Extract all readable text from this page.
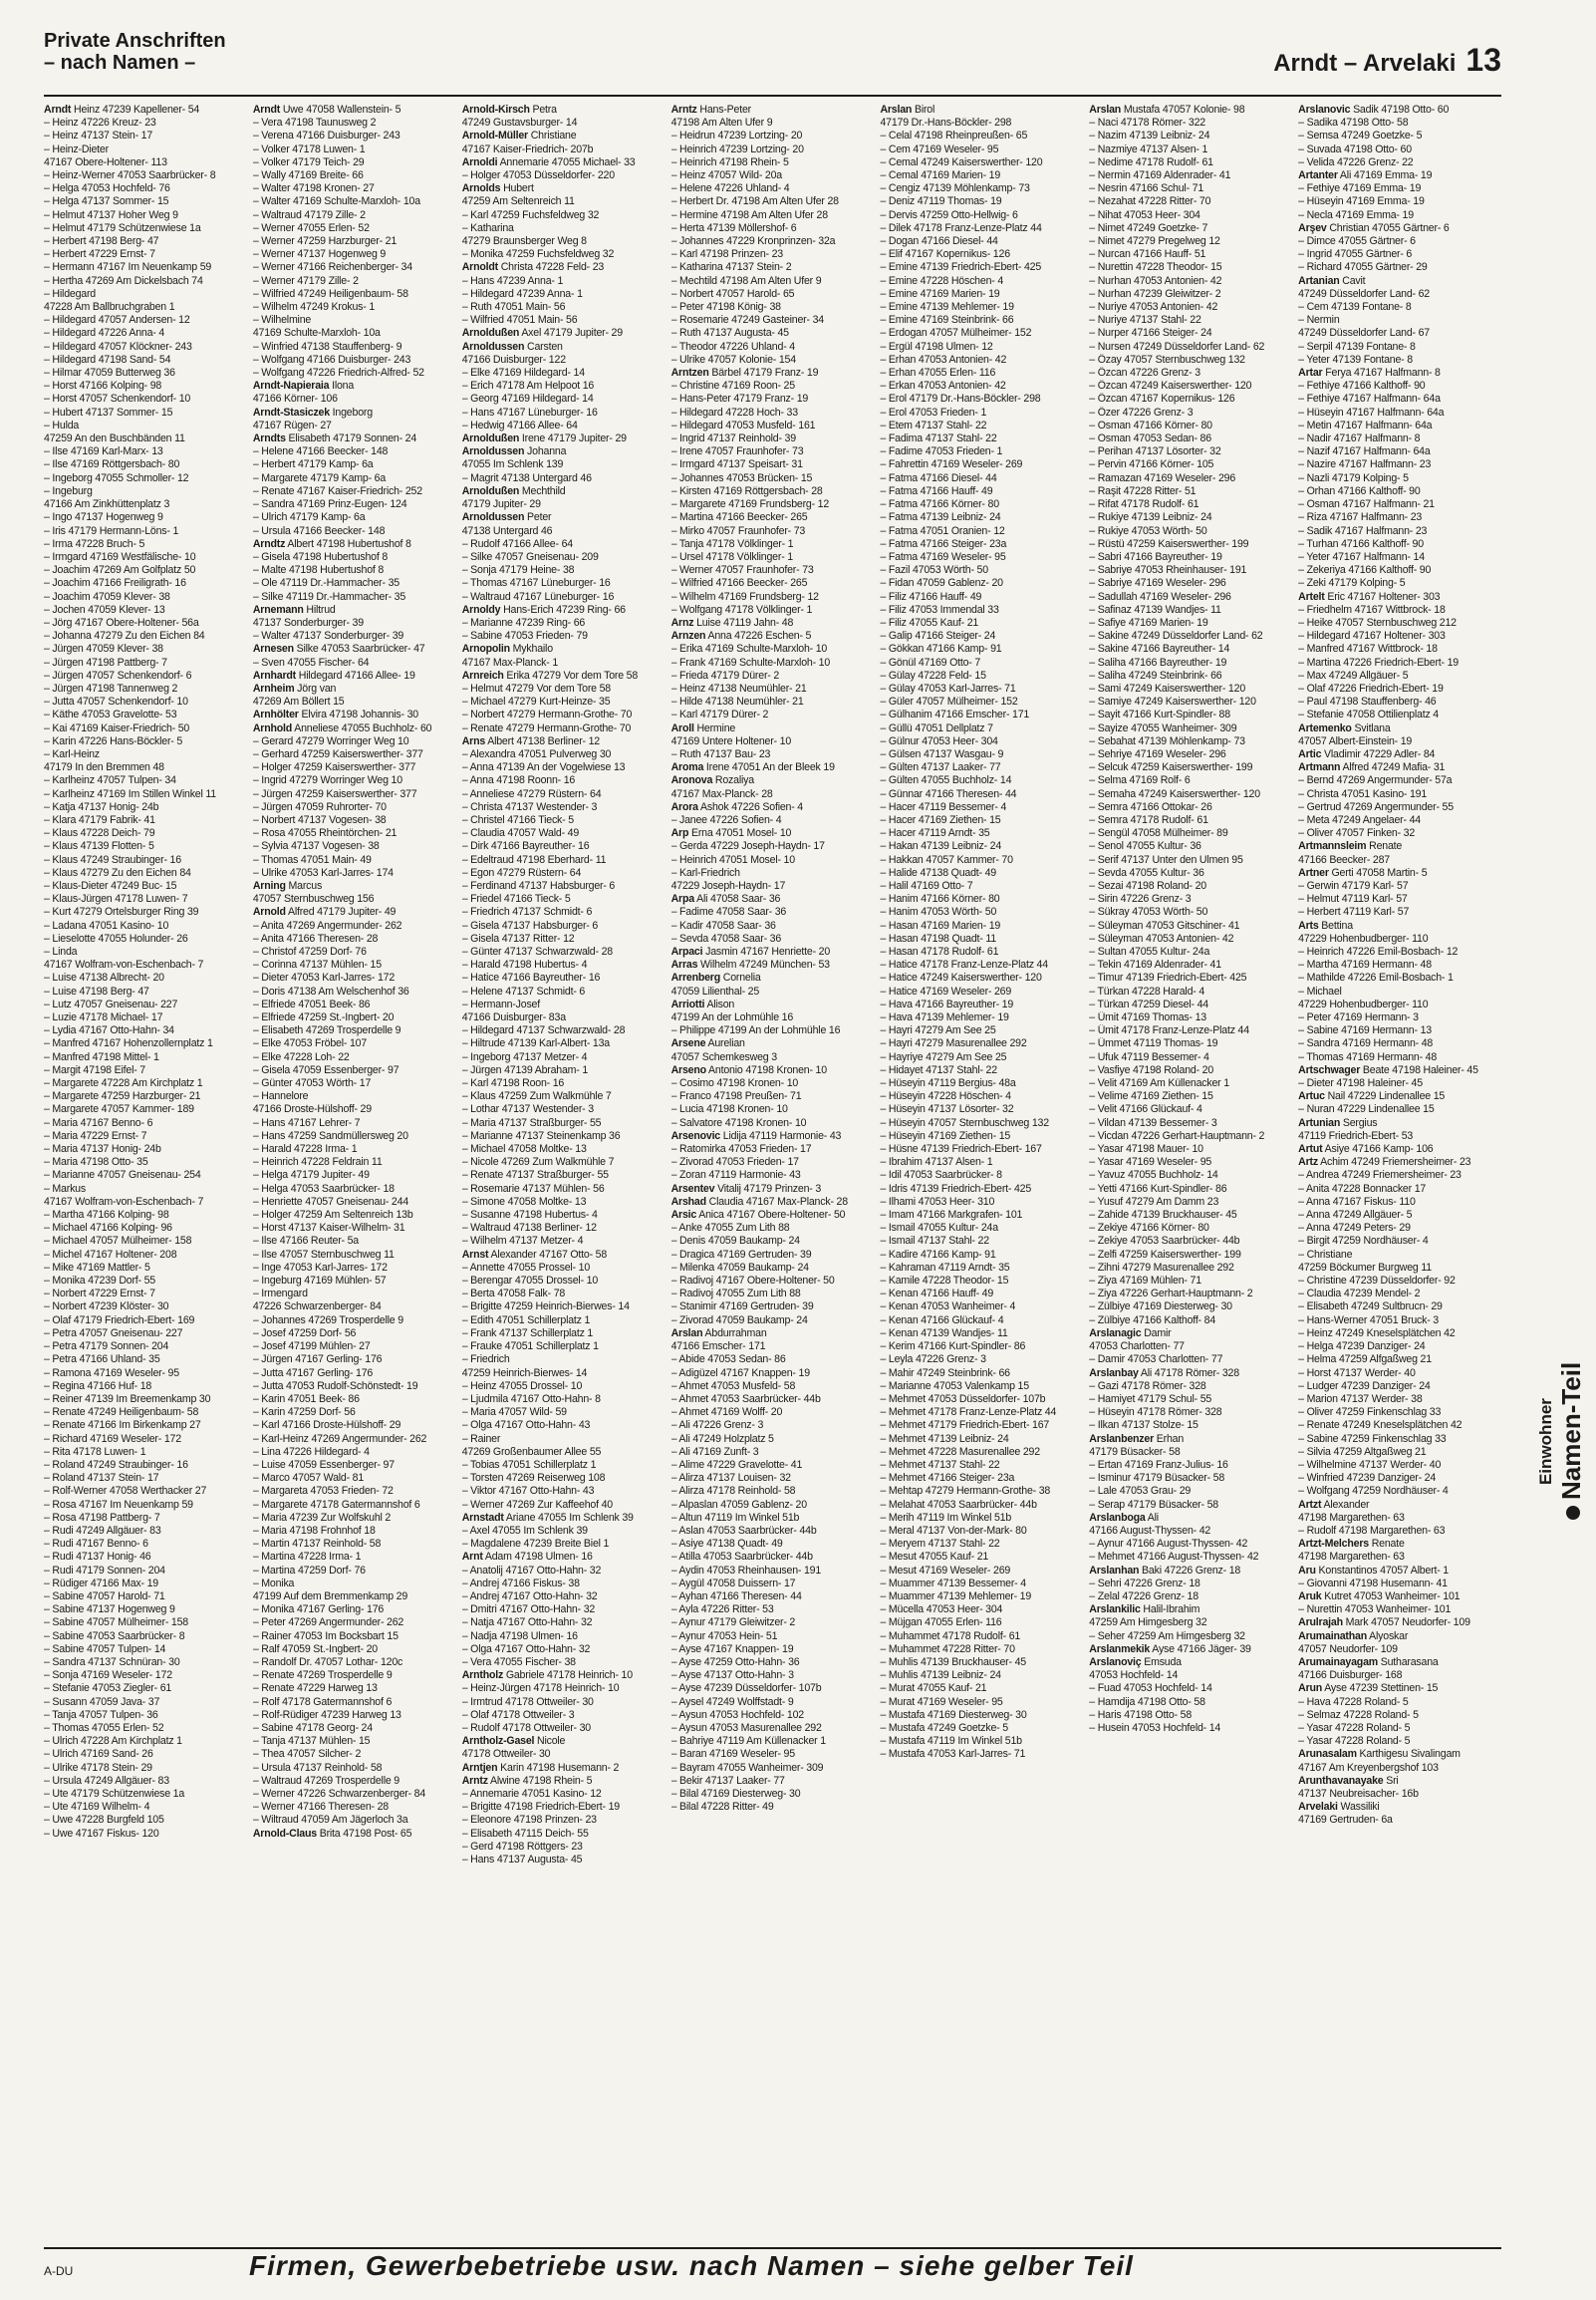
Private Anschriften
– nach Namen –	Arndt – Arvelaki 13
Arndt Heinz 47239 Kapellener- 54
– Heinz 47226 Kreuz- 23
– Heinz 47137 Stein- 17
– Heinz-Dieter
47167 Obere-Holtener- 113
– Heinz-Werner 47053 Saarbrücker- 8
– Helga 47053 Hochfeld- 76
– Helga 47137 Sommer- 15
– Helmut 47137 Hoher Weg 9
– Helmut 47179 Schützenwiese 1a
– Herbert 47198 Berg- 47
– Herbert 47229 Ernst- 7
– Hermann 47167 Im Neuenkamp 59
– Hertha 47269 Am Dickelsbach 74
– Hildegard
47228 Am Ballbruchgraben 1
– Hildegard 47057 Andersen- 12
– Hildegard 47226 Anna- 4
– Hildegard 47057 Klöckner- 243
– Hildegard 47198 Sand- 54
– Hilmar 47059 Butterweg 36
– Horst 47166 Kolping- 98
– Horst 47057 Schenkendorf- 10
– Hubert 47137 Sommer- 15
– Hulda
47259 An den Buschbänden 11
– Ilse 47169 Karl-Marx- 13
– Ilse 47169 Röttgersbach- 80
– Ingeborg 47055 Schmoller- 12
– Ingeburg
47166 Am Zinkhüttenplatz 3
– Ingo 47137 Hogenweg 9
– Iris 47179 Hermann-Löns- 1
– Irma 47228 Bruch- 5
– Irmgard 47169 Westfälische- 10
– Joachim 47269 Am Golfplatz 50
– Joachim 47166 Freiligrath- 16
– Joachim 47059 Klever- 38
– Jochen 47059 Klever- 13
– Jörg 47167 Obere-Holtener- 56a
– Johanna 47279 Zu den Eichen 84
– Jürgen 47059 Klever- 38
– Jürgen 47198 Pattberg- 7
– Jürgen 47057 Schenkendorf- 6
– Jürgen 47198 Tannenweg 2
– Jutta 47057 Schenkendorf- 10
– Käthe 47053 Gravelotte- 53
– Kai 47169 Kaiser-Friedrich- 50
– Karin 47226 Hans-Böckler- 5
– Karl-Heinz
47179 In den Bremmen 48
– Karlheinz 47057 Tulpen- 34
– Karlheinz 47169 Im Stillen Winkel 11
– Katja 47137 Honig- 24b
– Klara 47179 Fabrik- 41
– Klaus 47228 Deich- 79
– Klaus 47139 Flotten- 5
– Klaus 47249 Straubinger- 16
– Klaus 47279 Zu den Eichen 84
– Klaus-Dieter 47249 Buc- 15
– Klaus-Jürgen 47178 Luwen- 7
– Kurt 47279 Ortelsburger Ring 39
– Ladana 47051 Kasino- 10
– Lieselotte 47055 Holunder- 26
– Linda
47167 Wolfram-von-Eschenbach- 7
– Luise 47138 Albrecht- 20
– Luise 47198 Berg- 47
– Lutz 47057 Gneisenau- 227
– Luzie 47178 Michael- 17
– Lydia 47167 Otto-Hahn- 34
– Manfred 47167 Hohenzollernplatz 1
– Manfred 47198 Mittel- 1
– Margit 47198 Eifel- 7
– Margarete 47228 Am Kirchplatz 1
– Margarete 47259 Harzburger- 21
– Margarete 47057 Kammer- 189
– Maria 47167 Benno- 6
– Maria 47229 Ernst- 7
– Maria 47137 Honig- 24b
– Maria 47198 Otto- 35
– Marianne 47057 Gneisenau- 254
– Markus
47167 Wolfram-von-Eschenbach- 7
– Martha 47166 Kolping- 98
– Michael 47166 Kolping- 96
– Michael 47057 Mülheimer- 158
– Michel 47167 Holtener- 208
– Mike 47169 Mattler- 5
– Monika 47239 Dorf- 55
– Norbert 47229 Ernst- 7
– Norbert 47239 Klöster- 30
– Olaf 47179 Friedrich-Ebert- 169
– Petra 47057 Gneisenau- 227
– Petra 47179 Sonnen- 204
– Petra 47166 Uhland- 35
– Ramona 47169 Weseler- 95
– Regina 47166 Huf- 18
– Reiner 47139 Im Breemenkamp 30
– Renate 47249 Heiligenbaum- 58
– Renate 47166 Im Birkenkamp 27
– Richard 47169 Weseler- 172
– Rita 47178 Luwen- 1
– Roland 47249 Straubinger- 16
– Roland 47137 Stein- 17
– Rolf-Werner 47058 Werthacker 27
– Rosa 47167 Im Neuenkamp 59
– Rosa 47198 Pattberg- 7
– Rudi 47249 Allgäuer- 83
– Rudi 47167 Benno- 6
– Rudi 47137 Honig- 46
– Rudi 47179 Sonnen- 204
– Rüdiger 47166 Max- 19
– Sabine 47057 Harold- 71
– Sabine 47137 Hogenweg 9
– Sabine 47057 Mülheimer- 158
– Sabine 47053 Saarbrücker- 8
– Sabine 47057 Tulpen- 14
– Sandra 47137 Schnüran- 30
– Sonja 47169 Weseler- 172
– Stefanie 47053 Ziegler- 61
– Susann 47059 Java- 37
– Tanja 47057 Tulpen- 36
– Thomas 47055 Erlen- 52
– Ulrich 47228 Am Kirchplatz 1
– Ulrich 47169 Sand- 26
– Ulrike 47178 Stein- 29
– Ursula 47249 Allgäuer- 83
– Ute 47179 Schützenwiese 1a
– Ute 47169 Wilhelm- 4
– Uwe 47228 Burgfeld 105
– Uwe 47167 Fiskus- 120
Arndt Uwe 47058 Wallenstein- 5
– Vera 47198 Taunusweg 2
– Verena 47166 Duisburger- 243
– Volker 47178 Luwen- 1
– Volker 47179 Teich- 29
– Wally 47169 Breite- 66
– Walter 47198 Kronen- 27
– Walter 47169 Schulte-Marxloh- 10a
– Waltraud 47179 Zille- 2
– Werner 47055 Erlen- 52
– Werner 47259 Harzburger- 21
– Werner 47137 Hogenweg 9
– Werner 47166 Reichenberger- 34
– Werner 47179 Zille- 2
– Wilfried 47249 Heiligenbaum- 58
– Wilhelm 47249 Krokus- 1
– Wilhelmine
47169 Schulte-Marxloh- 10a
– Winfried 47138 Stauffenberg- 9
– Wolfgang 47166 Duisburger- 243
– Wolfgang 47226 Friedrich-Alfred- 52
Arndt-Napieraia Ilona
47166 Körner- 106
Arndt-Stasiczek Ingeborg
47167 Rügen- 27
Arndts Elisabeth 47179 Sonnen- 24
– Helene 47166 Beecker- 148
– Herbert 47179 Kamp- 6a
– Margarete 47179 Kamp- 6a
– Renate 47167 Kaiser-Friedrich- 252
– Sandra 47169 Prinz-Eugen- 124
– Ulrich 47179 Kamp- 6a
– Ursula 47166 Beecker- 148
Arndtz Albert 47198 Hubertushof 8
– Gisela 47198 Hubertushof 8
– Malte 47198 Hubertushof 8
– Ole 47119 Dr.-Hammacher- 35
– Silke 47119 Dr.-Hammacher- 35
Arnemann Hiltrud
47137 Sonderburger- 39
– Walter 47137 Sonderburger- 39
Arnesen Silke 47053 Saarbrücker- 47
– Sven 47055 Fischer- 64
Arnhardt Hildegard 47166 Allee- 19
Arnheim Jörg van
47269 Am Böllert 15
Arnhölter Elvira 47198 Johannis- 30
Arnhold Anneliese 47055 Buchholz- 60
– Gerard 47279 Worringer Weg 10
– Gerhard 47259 Kaiserswerther- 377
– Holger 47259 Kaiserswerther- 377
– Ingrid 47279 Worringer Weg 10
– Jürgen 47259 Kaiserswerther- 377
– Jürgen 47059 Ruhrorter- 70
– Norbert 47137 Vogesen- 38
– Rosa 47055 Rheintörchen- 21
– Sylvia 47137 Vogesen- 38
– Thomas 47051 Main- 49
– Ulrike 47053 Karl-Jarres- 174
Arning Marcus
47057 Sternbuschweg 156
Arnold Alfred 47179 Jupiter- 49
– Anita 47269 Angermunder- 262
– Anita 47166 Theresen- 28
– Christof 47259 Dorf- 76
– Corinna 47137 Mühlen- 15
– Dieter 47053 Karl-Jarres- 172
– Doris 47138 Am Welschenhof 36
– Elfriede 47051 Beek- 86
– Elfriede 47259 St.-Ingbert- 20
– Elisabeth 47269 Trosperdelle 9
– Elke 47053 Fröbel- 107
– Elke 47228 Loh- 22
– Gisela 47059 Essenberger- 97
– Günter 47053 Wörth- 17
– Hannelore
47166 Droste-Hülshoff- 29
– Hans 47167 Lehrer- 7
– Hans 47259 Sandmüllersweg 20
– Harald 47228 Irma- 1
– Heinrich 47228 Feldrain 11
– Helga 47179 Jupiter- 49
– Helga 47053 Saarbrücker- 18
– Henriette 47057 Gneisenau- 244
– Holger 47259 Am Seltenreich 13b
– Horst 47137 Kaiser-Wilhelm- 31
– Ilse 47166 Reuter- 5a
– Ilse 47057 Sternbuschweg 11
– Inge 47053 Karl-Jarres- 172
– Ingeburg 47169 Mühlen- 57
– Irmengard
47226 Schwarzenberger- 84
– Johannes 47269 Trosperdelle 9
– Josef 47259 Dorf- 56
– Josef 47199 Mühlen- 27
– Jürgen 47167 Gerling- 176
– Jutta 47167 Gerling- 176
– Jutta 47053 Rudolf-Schönstedt- 19
– Karin 47051 Beek- 86
– Karin 47259 Dorf- 56
– Karl 47166 Droste-Hülshoff- 29
– Karl-Heinz 47269 Angermunder- 262
– Lina 47226 Hildegard- 4
– Luise 47059 Essenberger- 97
– Marco 47057 Wald- 81
– Margareta 47053 Frieden- 72
– Margarete 47178 Gatermannshof 6
– Maria 47239 Zur Wolfskuhl 2
– Maria 47198 Frohnhof 18
– Martin 47137 Reinhold- 58
– Martina 47228 Irma- 1
– Martina 47259 Dorf- 76
– Monika
47199 Auf dem Bremmenkamp 29
– Monika 47167 Gerling- 176
– Peter 47269 Angermunder- 262
– Rainer 47053 Im Bocksbart 15
– Ralf 47059 St.-Ingbert- 20
– Randolf Dr. 47057 Lothar- 120c
– Renate 47269 Trosperdelle 9
– Renate 47229 Harweg 13
– Rolf 47178 Gatermannshof 6
– Rolf-Rüdiger 47239 Harweg 13
– Sabine 47178 Georg- 24
– Tanja 47137 Mühlen- 15
– Thea 47057 Silcher- 2
– Ursula 47137 Reinhold- 58
– Waltraud 47269 Trosperdelle 9
– Werner 47226 Schwarzenberger- 84
– Werner 47166 Theresen- 28
– Wiltraud 47059 Am Jägerloch 3a
Arnold-Claus Brita 47198 Post- 65
Arnold-Kirsch Petra
47249 Gustavsburger- 14
Arnold-Müller Christiane
47167 Kaiser-Friedrich- 207b
Arnoldi Annemarie 47055 Michael- 33
– Holger 47053 Düsseldorfer- 220
Arnolds Hubert
47259 Am Seltenreich 11
– Karl 47259 Fuchsfeldweg 32
– Katharina
47279 Braunsberger Weg 8
– Monika 47259 Fuchsfeldweg 32
Arnoldt Christa 47228 Feld- 23
– Hans 47239 Anna- 1
– Hildegard 47239 Anna- 1
– Ruth 47051 Main- 56
– Wilfried 47051 Main- 56
Arnoldußen Axel 47179 Jupiter- 29
Arnoldussen Carsten
47166 Duisburger- 122
– Elke 47169 Hildegard- 14
– Erich 47178 Am Helpoot 16
– Georg 47169 Hildegard- 14
– Hans 47167 Lüneburger- 16
– Hedwig 47166 Allee- 64
Arnoldußen Irene 47179 Jupiter- 29
Arnoldussen Johanna
47055 Im Schlenk 139
– Magrit 47138 Untergard 46
Arnoldußen Mechthild
47179 Jupiter- 29
Arnoldussen Peter
47138 Untergard 46
– Rudolf 47166 Allee- 64
– Silke 47057 Gneisenau- 209
– Sonja 47179 Heine- 38
– Thomas 47167 Lüneburger- 16
– Waltraud 47167 Lüneburger- 16
Arnoldy Hans-Erich 47239 Ring- 66
– Marianne 47239 Ring- 66
– Sabine 47053 Frieden- 79
Arnopolin Mykhailo
47167 Max-Planck- 1
Arnreich Erika 47279 Vor dem Tore 58
– Helmut 47279 Vor dem Tore 58
– Michael 47279 Kurt-Heinze- 35
– Norbert 47279 Hermann-Grothe- 70
– Renate 47279 Hermann-Grothe- 70
Arns Albert 47138 Berliner- 12
– Alexandra 47051 Pulverweg 30
– Anna 47139 An der Vogelwiese 13
– Anna 47198 Roonn- 16
– Anneliese 47279 Rüstern- 64
– Christa 47137 Westender- 3
– Christel 47166 Tieck- 5
– Claudia 47057 Wald- 49
– Dirk 47166 Bayreuther- 16
– Edeltraud 47198 Eberhard- 11
– Egon 47279 Rüstern- 64
– Ferdinand 47137 Habsburger- 6
– Friedel 47166 Tieck- 5
– Friedrich 47137 Schmidt- 6
– Gisela 47137 Habsburger- 6
– Gisela 47137 Ritter- 12
– Günter 47137 Schwarzwald- 28
– Harald 47198 Hubertus- 4
– Hatice 47166 Bayreuther- 16
– Helene 47137 Schmidt- 6
– Hermann-Josef
47166 Duisburger- 83a
– Hildegard 47137 Schwarzwald- 28
– Hiltrude 47139 Karl-Albert- 13a
– Ingeborg 47137 Metzer- 4
– Jürgen 47139 Abraham- 1
– Karl 47198 Roon- 16
– Klaus 47259 Zum Walkmühle 7
– Lothar 47137 Westender- 3
– Maria 47137 Straßburger- 55
– Marianne 47137 Steinenkamp 36
– Michael 47058 Moltke- 13
– Nicole 47269 Zum Walkmühle 7
– Renate 47137 Straßburger- 55
– Rosemarie 47137 Mühlen- 56
– Simone 47058 Moltke- 13
– Susanne 47198 Hubertus- 4
– Waltraud 47138 Berliner- 12
– Wilhelm 47137 Metzer- 4
Arnst Alexander 47167 Otto- 58
– Annette 47055 Prossel- 10
– Berengar 47055 Drossel- 10
– Berta 47058 Falk- 78
– Brigitte 47259 Heinrich-Bierwes- 14
– Edith 47051 Schillerplatz 1
– Frank 47137 Schillerplatz 1
– Frauke 47051 Schillerplatz 1
– Friedrich
47259 Heinrich-Bierwes- 14
– Heinz 47055 Drossel- 10
– Ljudmila 47167 Otto-Hahn- 8
– Maria 47057 Wild- 59
– Olga 47167 Otto-Hahn- 43
– Rainer
47269 Großenbaumer Allee 55
– Tobias 47051 Schillerplatz 1
– Torsten 47269 Reiserweg 108
– Viktor 47167 Otto-Hahn- 43
– Werner 47269 Zur Kaffeehof 40
Arnstadt Ariane 47055 Im Schlenk 39
– Axel 47055 Im Schlenk 39
– Magdalene 47239 Breite Biel 1
Arnt Adam 47198 Ulmen- 16
– Anatolij 47167 Otto-Hahn- 32
– Andrej 47166 Fiskus- 38
– Andrej 47167 Otto-Hahn- 32
– Dmitri 47167 Otto-Hahn- 32
– Natja 47167 Otto-Hahn- 32
– Nadja 47198 Ulmen- 16
– Olga 47167 Otto-Hahn- 32
– Vera 47055 Fischer- 38
Arntholz Gabriele 47178 Heinrich- 10
– Heinz-Jürgen 47178 Heinrich- 10
– Irmtrud 47178 Ottweiler- 30
– Olaf 47178 Ottweiler- 3
– Rudolf 47178 Ottweiler- 30
Arntholz-Gasel Nicole
47178 Ottweiler- 30
Arntjen Karin 47198 Husemann- 2
Arntz Alwine 47198 Rhein- 5
– Annemarie 47051 Kasino- 12
– Brigitte 47198 Friedrich-Ebert- 19
– Eleonore 47198 Prinzen- 23
– Elisabeth 47115 Deich- 55
– Gerd 47198 Röttgers- 23
– Hans 47137 Augusta- 45
Arntz Hans-Peter
47198 Am Alten Ufer 9
– Heidrun 47239 Lortzing- 20
– Heinrich 47239 Lortzing- 20
– Heinrich 47198 Rhein- 5
– Heinz 47057 Wild- 20a
– Helene 47226 Uhland- 4
– Herbert Dr. 47198 Am Alten Ufer 28
– Hermine 47198 Am Alten Ufer 28
– Herta 47139 Möllershof- 6
– Johannes 47229 Kronprinzen- 32a
– Karl 47198 Prinzen- 23
– Katharina 47137 Stein- 2
– Mechtild 47198 Am Alten Ufer 9
– Norbert 47057 Harold- 65
– Peter 47198 König- 38
– Rosemarie 47249 Gasteiner- 34
– Ruth 47137 Augusta- 45
– Theodor 47226 Uhland- 4
– Ulrike 47057 Kolonie- 154
Arntzen Bärbel 47179 Franz- 19
– Christine 47169 Roon- 25
– Hans-Peter 47179 Franz- 19
– Hildegard 47228 Hoch- 33
– Hildegard 47053 Musfeld- 161
– Ingrid 47137 Reinhold- 39
– Irene 47057 Fraunhofer- 73
– Irmgard 47137 Speisart- 31
– Johannes 47053 Brücken- 15
– Kirsten 47169 Röttgersbach- 28
– Margarete 47169 Frundsberg- 12
– Martina 47166 Beecker- 265
– Mirko 47057 Fraunhofer- 73
– Tanja 47178 Völklinger- 1
– Ursel 47178 Völklinger- 1
– Werner 47057 Fraunhofer- 73
– Wilfried 47166 Beecker- 265
– Wilhelm 47169 Frundsberg- 12
– Wolfgang 47178 Völklinger- 1
Arnz Luise 47119 Jahn- 48
Arnzen Anna 47226 Eschen- 5
– Erika 47169 Schulte-Marxloh- 10
– Frank 47169 Schulte-Marxloh- 10
– Frieda 47179 Dürer- 2
– Heinz 47138 Neumühler- 21
– Hilde 47138 Neumühler- 21
– Karl 47179 Dürer- 2
Aroll Hermine
47169 Untere Holtener- 10
– Ruth 47137 Bau- 23
Aroma Irene 47051 An der Bleek 19
Aronova Rozaliya
47167 Max-Planck- 28
Arora Ashok 47226 Sofien- 4
– Janee 47226 Sofien- 4
Arp Erna 47051 Mosel- 10
– Gerda 47229 Joseph-Haydn- 17
– Heinrich 47051 Mosel- 10
– Karl-Friedrich
47229 Joseph-Haydn- 17
Arpa Ali 47058 Saar- 36
– Fadime 47058 Saar- 36
– Kadir 47058 Saar- 36
– Sevda 47058 Saar- 36
Arpaci Jasmin 47167 Henriette- 20
Arras Wilhelm 47249 München- 53
Arrenberg Cornelia
47059 Lilienthal- 25
Arriotti Alison
47199 An der Lohmühle 16
– Philippe 47199 An der Lohmühle 16
Arsene Aurelian
47057 Schemkesweg 3
Arseno Antonio 47198 Kronen- 10
– Cosimo 47198 Kronen- 10
– Franco 47198 Preußen- 71
– Lucia 47198 Kronen- 10
– Salvatore 47198 Kronen- 10
Arsenovic Lidija 47119 Harmonie- 43
– Ratomirka 47053 Frieden- 17
– Zivorad 47053 Frieden- 17
– Zoran 47119 Harmonie- 43
Arsentev Vitalij 47179 Prinzen- 3
Arshad Claudia 47167 Max-Planck- 28
Arsic Anica 47167 Obere-Holtener- 50
– Anke 47055 Zum Lith 88
– Denis 47059 Baukamp- 24
– Dragica 47169 Gertruden- 39
– Milenka 47059 Baukamp- 24
– Radivoj 47167 Obere-Holtener- 50
– Radivoj 47055 Zum Lith 88
– Stanimir 47169 Gertruden- 39
– Zivorad 47059 Baukamp- 24
Arslan Abdurrahman
47166 Emscher- 171
– Abide 47053 Sedan- 86
– Adigüzel 47167 Knappen- 19
– Ahmet 47053 Musfeld- 58
– Ahmet 47053 Saarbrücker- 44b
– Ahmet 47169 Wolff- 20
– Ali 47226 Grenz- 3
– Ali 47249 Holzplatz 5
– Ali 47169 Zunft- 3
– Alime 47229 Gravelotte- 41
– Alirza 47137 Louisen- 32
– Alirza 47178 Reinhold- 58
– Alpaslan 47059 Gablenz- 20
– Altun 47119 Im Winkel 51b
– Aslan 47053 Saarbrücker- 44b
– Asiye 47138 Quadt- 49
– Atilla 47053 Saarbrücker- 44b
– Aydin 47053 Rheinhausen- 191
– Aygül 47058 Duissern- 17
– Ayhan 47166 Theresen- 44
– Ayla 47226 Ritter- 53
– Aynur 47179 Gleiwitzer- 2
– Aynur 47053 Hein- 51
– Ayse 47167 Knappen- 19
– Ayse 47259 Otto-Hahn- 36
– Ayse 47137 Otto-Hahn- 3
– Ayse 47239 Düsseldorfer- 107b
– Aysel 47249 Wolffstadt- 9
– Aysun 47053 Hochfeld- 102
– Aysun 47053 Masurenallee 292
– Bahriye 47119 Am Küllenacker 1
– Baran 47169 Weseler- 95
– Bayram 47055 Wanheimer- 309
– Bekir 47137 Laaker- 77
– Bilal 47169 Diesterweg- 30
– Bilal 47228 Ritter- 49
Arslan Birol
47179 Dr.-Hans-Böckler- 298
– Celal 47198 Rheinpreußen- 65
– Cem 47169 Weseler- 95
– Cemal 47249 Kaiserswerther- 120
– Cemal 47169 Marien- 19
– Cengiz 47139 Möhlenkamp- 73
– Deniz 47119 Thomas- 19
– Dervis 47259 Otto-Hellwig- 6
– Dilek 47178 Franz-Lenze-Platz 44
– Dogan 47166 Diesel- 44
– Elif 47167 Kopernikus- 126
– Emine 47139 Friedrich-Ebert- 425
– Emine 47228 Höschen- 4
– Emine 47169 Marien- 19
– Emine 47139 Mehlemer- 19
– Emine 47169 Steinbrink- 66
– Erdogan 47057 Mülheimer- 152
– Ergül 47198 Ulmen- 12
– Erhan 47053 Antonien- 42
– Erhan 47055 Erlen- 116
– Erkan 47053 Antonien- 42
– Erol 47179 Dr.-Hans-Böckler- 298
– Erol 47053 Frieden- 1
– Etem 47137 Stahl- 22
– Fadima 47137 Stahl- 22
– Fadime 47053 Frieden- 1
– Fahrettin 47169 Weseler- 269
– Fatma 47166 Diesel- 44
– Fatma 47166 Hauff- 49
– Fatma 47166 Körner- 80
– Fatma 47139 Leibniz- 24
– Fatma 47051 Oranien- 12
– Fatma 47166 Steiger- 23a
– Fatma 47169 Weseler- 95
– Fazil 47053 Wörth- 50
– Fidan 47059 Gablenz- 20
– Filiz 47166 Hauff- 49
– Filiz 47053 Immendal 33
– Filiz 47055 Kauf- 21
– Galip 47166 Steiger- 24
– Gökkan 47166 Kamp- 91
– Gönül 47169 Otto- 7
– Gülay 47228 Feld- 15
– Gülay 47053 Karl-Jarres- 71
– Güler 47057 Mülheimer- 152
– Gülhanim 47166 Emscher- 171
– Güllü 47051 Dellplatz 7
– Gülnur 47053 Heer- 304
– Gülsen 47137 Wasgau- 9
– Gülten 47137 Laaker- 77
– Gülten 47055 Buchholz- 14
– Günnar 47166 Theresen- 44
– Hacer 47119 Bessemer- 4
– Hacer 47169 Ziethen- 15
– Hacer 47119 Arndt- 35
– Hakan 47139 Leibniz- 24
– Hakkan 47057 Kammer- 70
– Halide 47138 Quadt- 49
– Halil 47169 Otto- 7
– Hanim 47166 Körner- 80
– Hanim 47053 Wörth- 50
– Hasan 47169 Marien- 19
– Hasan 47198 Quadt- 11
– Hasan 47178 Rudolf- 61
– Hatice 47178 Franz-Lenze-Platz 44
– Hatice 47249 Kaiserswerther- 120
– Hatice 47169 Weseler- 269
– Hava 47166 Bayreuther- 19
– Hava 47139 Mehlemer- 19
– Hayri 47279 Am See 25
– Hayri 47279 Masurenallee 292
– Hayriye 47279 Am See 25
– Hidayet 47137 Stahl- 22
– Hüseyin 47119 Bergius- 48a
– Hüseyin 47228 Höschen- 4
– Hüseyin 47137 Lösorter- 32
– Hüseyin 47057 Sternbuschweg 132
– Hüseyin 47169 Ziethen- 15
– Hüsne 47139 Friedrich-Ebert- 167
– Ibrahim 47137 Alsen- 1
– Idil 47053 Saarbrücker- 8
– Idris 47139 Friedrich-Ebert- 425
– Ilhami 47053 Heer- 310
– Imam 47166 Markgrafen- 101
– Ismail 47055 Kultur- 24a
– Ismail 47137 Stahl- 22
– Kadire 47166 Kamp- 91
– Kahraman 47119 Arndt- 35
– Kamile 47228 Theodor- 15
– Kenan 47166 Hauff- 49
– Kenan 47053 Wanheimer- 4
– Kenan 47166 Glückauf- 4
– Kenan 47139 Wandjes- 11
– Kerim 47166 Kurt-Spindler- 86
– Leyla 47226 Grenz- 3
– Mahir 47249 Steinbrink- 66
– Marianne 47053 Valenkamp 15
– Mehmet 47053 Düsseldorfer- 107b
– Mehmet 47178 Franz-Lenze-Platz 44
– Mehmet 47179 Friedrich-Ebert- 167
– Mehmet 47139 Leibniz- 24
– Mehmet 47228 Masurenallee 292
– Mehmet 47137 Stahl- 22
– Mehmet 47166 Steiger- 23a
– Mehtap 47279 Hermann-Grothe- 38
– Melahat 47053 Saarbrücker- 44b
– Merih 47119 Im Winkel 51b
– Meral 47137 Von-der-Mark- 80
– Meryem 47137 Stahl- 22
– Mesut 47055 Kauf- 21
– Mesut 47169 Weseler- 269
– Muammer 47139 Bessemer- 4
– Muammer 47139 Mehlemer- 19
– Mücella 47053 Heer- 304
– Müjgan 47055 Erlen- 116
– Muhammet 47178 Rudolf- 61
– Muhammet 47228 Ritter- 70
– Muhlis 47139 Bruckhauser- 45
– Muhlis 47139 Leibniz- 24
– Murat 47055 Kauf- 21
– Murat 47169 Weseler- 95
– Mustafa 47169 Diesterweg- 30
– Mustafa 47249 Goetzke- 5
– Mustafa 47119 Im Winkel 51b
– Mustafa 47053 Karl-Jarres- 71
Arslan Mustafa 47057 Kolonie- 98
– Naci 47178 Römer- 322
– Nazim 47139 Leibniz- 24
– Nazmiye 47137 Alsen- 1
– Nedime 47178 Rudolf- 61
– Nermin 47169 Aldenrader- 41
– Nesrin 47166 Schul- 71
– Nezahat 47228 Ritter- 70
– Nihat 47053 Heer- 304
– Nimet 47249 Goetzke- 7
– Nimet 47279 Pregelweg 12
– Nurcan 47166 Hauff- 51
– Nurettin 47228 Theodor- 15
– Nurhan 47053 Antonien- 42
– Nurhan 47239 Gleiwitzer- 2
– Nuriye 47053 Antonien- 42
– Nuriye 47137 Stahl- 22
– Nurper 47166 Steiger- 24
– Nursen 47249 Düsseldorfer Land- 62
– Özay 47057 Sternbuschweg 132
– Özcan 47226 Grenz- 3
– Özcan 47249 Kaiserswerther- 120
– Özcan 47167 Kopernikus- 126
– Özer 47226 Grenz- 3
– Osman 47166 Körner- 80
– Osman 47053 Sedan- 86
– Perihan 47137 Lösorter- 32
– Pervin 47166 Körner- 105
– Ramazan 47169 Weseler- 296
– Raşit 47228 Ritter- 51
– Rifat 47178 Rudolf- 61
– Rukiye 47139 Leibniz- 24
– Rukiye 47053 Wörth- 50
– Rüstü 47259 Kaiserswerther- 199
– Sabri 47166 Bayreuther- 19
– Sabriye 47053 Rheinhauser- 191
– Sabriye 47169 Weseler- 296
– Sadullah 47169 Weseler- 296
– Safinaz 47139 Wandjes- 11
– Safiye 47169 Marien- 19
– Sakine 47249 Düsseldorfer Land- 62
– Sakine 47166 Bayreuther- 14
– Saliha 47166 Bayreuther- 19
– Saliha 47249 Steinbrink- 66
– Sami 47249 Kaiserswerther- 120
– Samiye 47249 Kaiserswerther- 120
– Sayit 47166 Kurt-Spindler- 88
– Sayize 47055 Wanheimer- 309
– Sebahat 47139 Möhlenkamp- 73
– Sehriye 47169 Weseler- 296
– Selcuk 47259 Kaiserswerther- 199
– Selma 47169 Rolf- 6
– Semaha 47249 Kaiserswerther- 120
– Semra 47166 Ottokar- 26
– Semra 47178 Rudolf- 61
– Sengül 47058 Mülheimer- 89
– Senol 47055 Kultur- 36
– Serif 47137 Unter den Ulmen 95
– Sevda 47055 Kultur- 36
– Sezai 47198 Roland- 20
– Sirin 47226 Grenz- 3
– Sükray 47053 Wörth- 50
– Süleyman 47053 Gitschiner- 41
– Süleyman 47053 Antonien- 42
– Sultan 47055 Kultur- 24a
– Tekin 47169 Aldenrader- 41
– Timur 47139 Friedrich-Ebert- 425
– Türkan 47228 Harald- 4
– Türkan 47259 Diesel- 44
– Ümit 47169 Thomas- 13
– Ümit 47178 Franz-Lenze-Platz 44
– Ümmet 47119 Thomas- 19
– Ufuk 47119 Bessemer- 4
– Vasfiye 47198 Roland- 20
– Velit 47169 Am Küllenacker 1
– Velime 47169 Ziethen- 15
– Velit 47166 Glückauf- 4
– Vildan 47139 Bessemer- 3
– Vicdan 47226 Gerhart-Hauptmann- 2
– Yasar 47198 Mauer- 10
– Yasar 47169 Weseler- 95
– Yavuz 47055 Buchholz- 14
– Yetti 47166 Kurt-Spindler- 86
– Yusuf 47279 Am Damm 23
– Zahide 47139 Bruckhauser- 45
– Zekiye 47166 Körner- 80
– Zekiye 47053 Saarbrücker- 44b
– Zelfi 47259 Kaiserswerther- 199
– Zihni 47279 Masurenallee 292
– Ziya 47169 Mühlen- 71
– Ziya 47226 Gerhart-Hauptmann- 2
– Zülbiye 47169 Diesterweg- 30
– Zülbiye 47166 Kalthoff- 84
Arslanagic Damir
47053 Charlotten- 77
– Damir 47053 Charlotten- 77
Arslanbay Ali 47178 Römer- 328
– Gazi 47178 Römer- 328
– Hamiyet 47179 Schul- 55
– Hüseyin 47178 Römer- 328
– Ilkan 47137 Stolze- 15
Arslanbenzer Erhan
47179 Büsacker- 58
– Ertan 47169 Franz-Julius- 16
– Isminur 47179 Büsacker- 58
– Lale 47053 Grau- 29
– Serap 47179 Büsacker- 58
Arslanboga Ali
47166 August-Thyssen- 42
– Aynur 47166 August-Thyssen- 42
– Mehmet 47166 August-Thyssen- 42
Arslanhan Baki 47226 Grenz- 18
– Sehri 47226 Grenz- 18
– Zelal 47226 Grenz- 18
Arslankilic Halil-Ibrahim
47259 Am Himgesberg 32
– Seher 47259 Am Himgesberg 32
Arslanmekik Ayse 47166 Jäger- 39
Arslanoviç Emsuda
47053 Hochfeld- 14
– Fuad 47053 Hochfeld- 14
– Hamdija 47198 Otto- 58
– Haris 47198 Otto- 58
– Husein 47053 Hochfeld- 14
Arslanovic Sadik 47198 Otto- 60
– Sadika 47198 Otto- 58
– Semsa 47249 Goetzke- 5
– Suvada 47198 Otto- 60
– Velida 47226 Grenz- 22
Artanter Ali 47169 Emma- 19
– Fethiye 47169 Emma- 19
– Hüseyin 47169 Emma- 19
– Necla 47169 Emma- 19
Arşev Christian 47055 Gärtner- 6
– Dimce 47055 Gärtner- 6
– Ingrid 47055 Gärtner- 6
– Richard 47055 Gärtner- 29
Artanian Cavit
47249 Düsseldorfer Land- 62
– Cem 47139 Fontane- 8
– Nermin
47249 Düsseldorfer Land- 67
– Serpil 47139 Fontane- 8
– Yeter 47139 Fontane- 8
Artar Ferya 47167 Halfmann- 8
– Fethiye 47166 Kalthoff- 90
– Fethiye 47167 Halfmann- 64a
– Hüseyin 47167 Halfmann- 64a
– Metin 47167 Halfmann- 64a
– Nadir 47167 Halfmann- 8
– Nazif 47167 Halfmann- 64a
– Nazire 47167 Halfmann- 23
– Nazli 47179 Kolping- 5
– Orhan 47166 Kalthoff- 90
– Osman 47167 Halfmann- 21
– Riza 47167 Halfmann- 23
– Sadik 47167 Halfmann- 23
– Turhan 47166 Kalthoff- 90
– Yeter 47167 Halfmann- 14
– Zekeriya 47166 Kalthoff- 90
– Zeki 47179 Kolping- 5
Artelt Eric 47167 Holtener- 303
– Friedhelm 47167 Wittbrock- 18
– Heike 47057 Sternbuschweg 212
– Hildegard 47167 Holtener- 303
– Manfred 47167 Wittbrock- 18
– Martina 47226 Friedrich-Ebert- 19
– Max 47249 Allgäuer- 5
– Olaf 47226 Friedrich-Ebert- 19
– Paul 47198 Stauffenberg- 46
– Stefanie 47058 Ottilienplatz 4
Artemenko Svitlana
47057 Albert-Einstein- 19
Artic Vladimir 47229 Adler- 84
Artmann Alfred 47249 Mafia- 31
– Bernd 47269 Angermunder- 57a
– Christa 47051 Kasino- 191
– Gertrud 47269 Angermunder- 55
– Meta 47249 Angelaer- 44
– Oliver 47057 Finken- 32
Artmannsleim Renate
47166 Beecker- 287
Artner Gerti 47058 Martin- 5
– Gerwin 47179 Karl- 57
– Helmut 47119 Karl- 57
– Herbert 47119 Karl- 57
Arts Bettina
47229 Hohenbudberger- 110
– Heinrich 47226 Emil-Bosbach- 12
– Martha 47169 Hermann- 48
– Mathilde 47226 Emil-Bosbach- 1
– Michael
47229 Hohenbudberger- 110
– Peter 47169 Hermann- 3
– Sabine 47169 Hermann- 13
– Sandra 47169 Hermann- 48
– Thomas 47169 Hermann- 48
Artschwager Beate 47198 Haleiner- 45
– Dieter 47198 Haleiner- 45
Artuc Nail 47229 Lindenallee 15
– Nuran 47229 Lindenallee 15
Artunian Sergius
47119 Friedrich-Ebert- 53
Artut Asiye 47166 Kamp- 106
Artz Achim 47249 Friemersheimer- 23
– Andrea 47249 Friemersheimer- 23
– Anita 47228 Bonnacker 17
– Anna 47167 Fiskus- 110
– Anna 47249 Allgäuer- 5
– Anna 47249 Peters- 29
– Birgit 47259 Nordhäuser- 4
– Christiane
47259 Böckumer Burgweg 11
– Christine 47239 Düsseldorfer- 92
– Claudia 47239 Mendel- 2
– Elisabeth 47249 Sultbrucn- 29
– Hans-Werner 47051 Bruck- 3
– Heinz 47249 Kneselsplätchen 42
– Helga 47239 Danziger- 24
– Helma 47259 Alfgaßweg 21
– Horst 47137 Werder- 40
– Ludger 47239 Danziger- 24
– Marion 47137 Werder- 38
– Oliver 47259 Finkenschlag 33
– Renate 47249 Kneselsplätchen 42
– Sabine 47259 Finkenschlag 33
– Silvia 47259 Altgaßweg 21
– Wilhelmine 47137 Werder- 40
– Winfried 47239 Danziger- 24
– Wolfgang 47259 Nordhäuser- 4
Artzt Alexander
47198 Margarethen- 63
– Rudolf 47198 Margarethen- 63
Artzt-Melchers Renate
47198 Margarethen- 63
Aru Konstantinos 47057 Albert- 1
– Giovanni 47198 Husemann- 41
Aruk Kutret 47053 Wanheimer- 101
– Nurettin 47053 Wanheimer- 101
Arulrajah Mark 47057 Neudorfer- 109
Arumainathan Alyoskar
47057 Neudorfer- 109
Arumainayagam Sutharasana
47166 Duisburger- 168
Arun Ayse 47239 Stettinen- 15
– Hava 47228 Roland- 5
– Selmaz 47228 Roland- 5
– Yasar 47228 Roland- 5
– Yasar 47228 Roland- 5
Arunasalam Karthigesu Sivalingam
47167 Am Kreyenbergshof 103
Arunthavanayake Sri
47137 Neubreisacher- 16b
Arvelaki Wassiliki
47169 Gertruden- 6a
Einwohner Namen-Teil
A-DU	Firmen, Gewerbebetriebe usw. nach Namen – siehe gelber Teil
